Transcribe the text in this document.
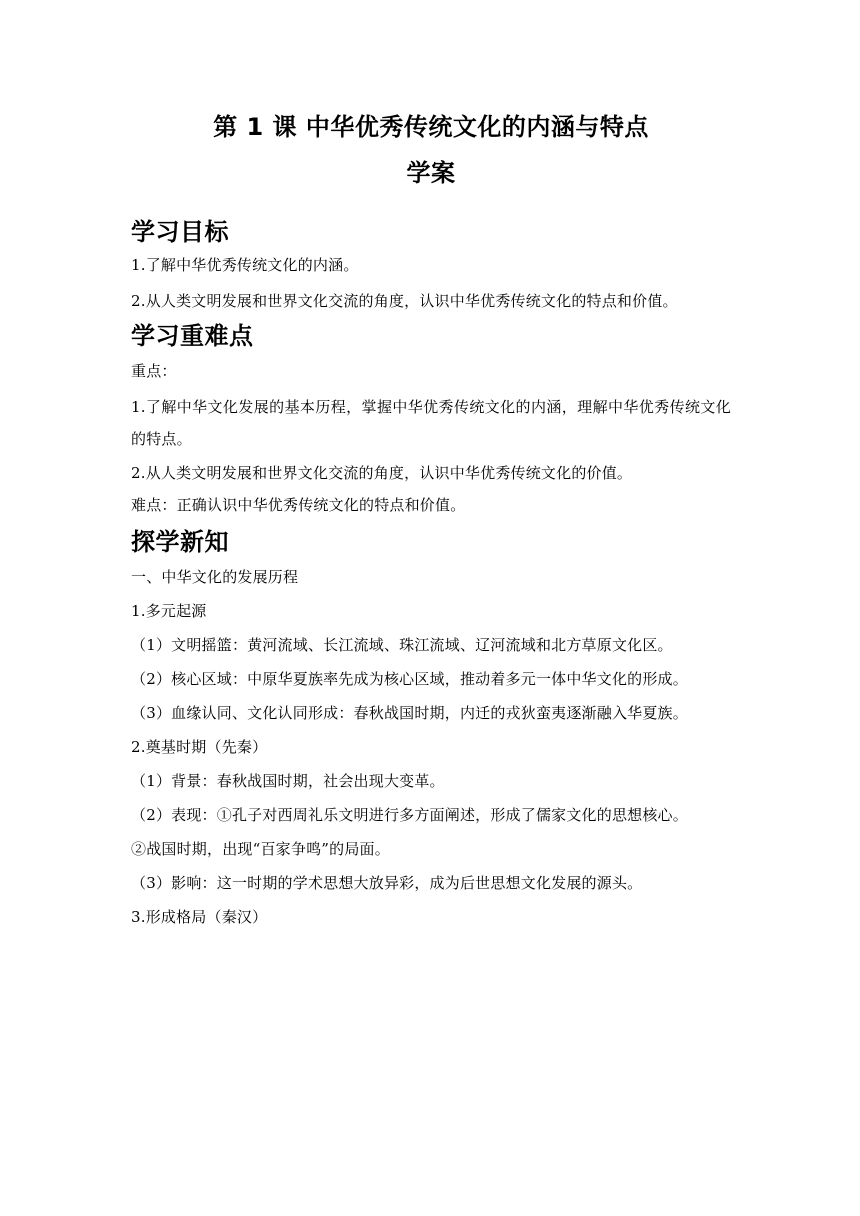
第 1 课 中华优秀传统文化的内涵与特点

学案

学习目标

1.了解中华优秀传统文化的内涵。

2.从人类文明发展和世界文化交流的角度，认识中华优秀传统文化的特点和价值。

学习重难点

重点：

1.了解中华文化发展的基本历程，掌握中华优秀传统文化的内涵，理解中华优秀传统文化的特点。

2.从人类文明发展和世界文化交流的角度，认识中华优秀传统文化的价值。

难点：正确认识中华优秀传统文化的特点和价值。

探学新知

一、中华文化的发展历程

1.多元起源

（1）文明摇篮：黄河流域、长江流域、珠江流域、辽河流域和北方草原文化区。

（2）核心区域：中原华夏族率先成为核心区域，推动着多元一体中华文化的形成。

（3）血缘认同、文化认同形成：春秋战国时期，内迁的戎狄蛮夷逐渐融入华夏族。

2.奠基时期（先秦）

（1）背景：春秋战国时期，社会出现大变革。

（2）表现：①孔子对西周礼乐文明进行多方面阐述，形成了儒家文化的思想核心。

②战国时期，出现“百家争鸣”的局面。

（3）影响：这一时期的学术思想大放异彩，成为后世思想文化发展的源头。

3.形成格局（秦汉）
